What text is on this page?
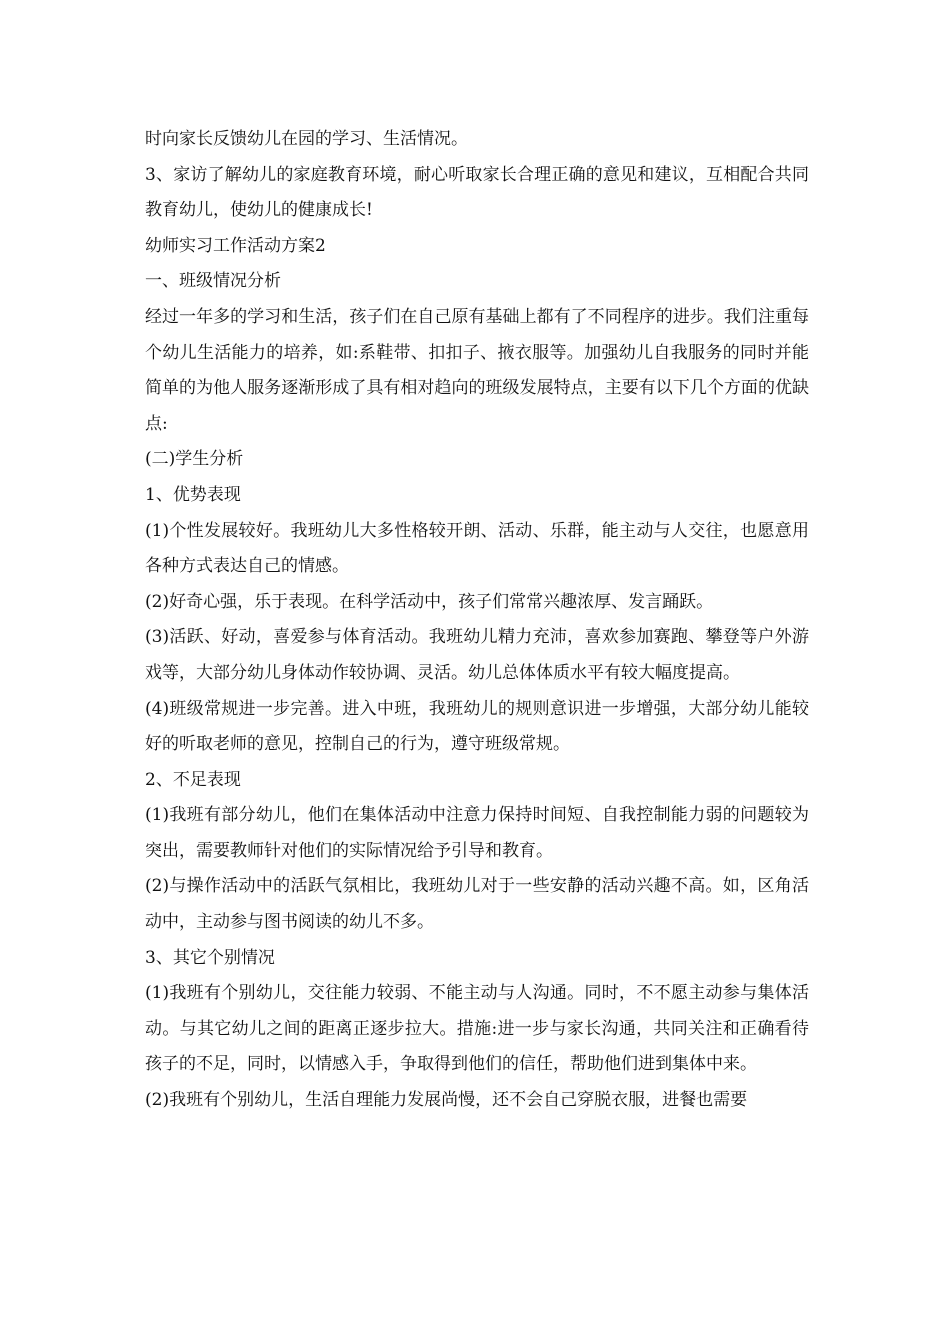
时向家长反馈幼儿在园的学习、生活情况。

3、家访了解幼儿的家庭教育环境，耐心听取家长合理正确的意见和建议，互相配合共同教育幼儿，使幼儿的健康成长!

幼师实习工作活动方案2

一、班级情况分析

经过一年多的学习和生活，孩子们在自己原有基础上都有了不同程序的进步。我们注重每个幼儿生活能力的培养，如:系鞋带、扣扣子、掖衣服等。加强幼儿自我服务的同时并能简单的为他人服务逐渐形成了具有相对趋向的班级发展特点，主要有以下几个方面的优缺点:

(二)学生分析

1、优势表现

(1)个性发展较好。我班幼儿大多性格较开朗、活动、乐群，能主动与人交往，也愿意用各种方式表达自己的情感。

(2)好奇心强，乐于表现。在科学活动中，孩子们常常兴趣浓厚、发言踊跃。

(3)活跃、好动，喜爱参与体育活动。我班幼儿精力充沛，喜欢参加赛跑、攀登等户外游戏等，大部分幼儿身体动作较协调、灵活。幼儿总体体质水平有较大幅度提高。

(4)班级常规进一步完善。进入中班，我班幼儿的规则意识进一步增强，大部分幼儿能较好的听取老师的意见，控制自己的行为，遵守班级常规。

2、不足表现

(1)我班有部分幼儿，他们在集体活动中注意力保持时间短、自我控制能力弱的问题较为突出，需要教师针对他们的实际情况给予引导和教育。

(2)与操作活动中的活跃气氛相比，我班幼儿对于一些安静的活动兴趣不高。如，区角活动中，主动参与图书阅读的幼儿不多。

3、其它个别情况

(1)我班有个别幼儿，交往能力较弱、不能主动与人沟通。同时，不不愿主动参与集体活动。与其它幼儿之间的距离正逐步拉大。措施:进一步与家长沟通，共同关注和正确看待孩子的不足，同时，以情感入手，争取得到他们的信任，帮助他们进到集体中来。

(2)我班有个别幼儿，生活自理能力发展尚慢，还不会自己穿脱衣服，进餐也需要
